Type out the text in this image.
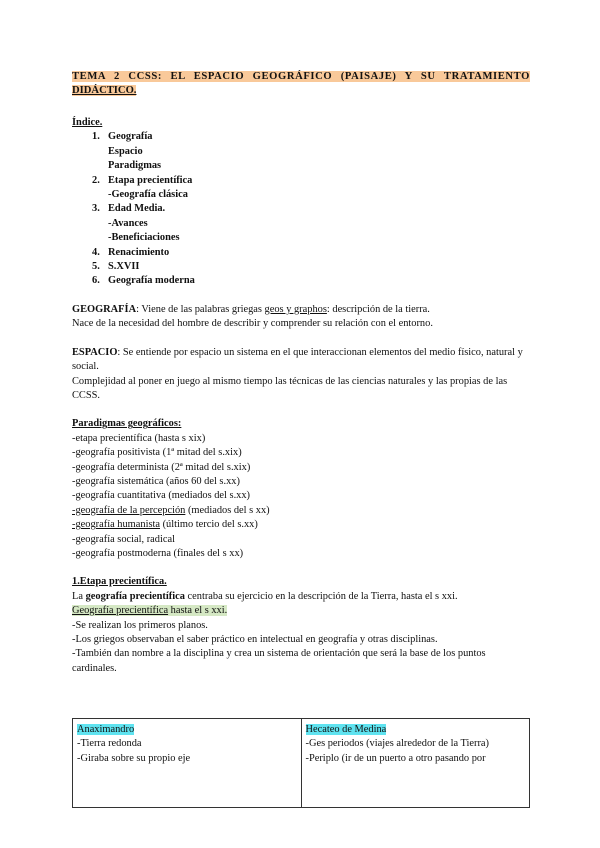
TEMA 2 CCSS: EL ESPACIO GEOGRÁFICO (PAISAJE) Y SU TRATAMIENTO
DIDÁCTICO.
Índice.
1. Geografía
Espacio
Paradigmas
2. Etapa precientífica
-Geografía clásica
3. Edad Media.
-Avances
-Beneficiaciones
4. Renacimiento
5. S.XVII
6. Geografía moderna

GEOGRAFÍA: Viene de las palabras griegas geos y graphos: descripción de la tierra.

Nace de la necesidad del hombre de describir y comprender su relación con el entorno.

ESPACIO: Se entiende por espacio un sistema en el que interaccionan elementos del medio físico, natural y social.

Complejidad al poner en juego al mismo tiempo las técnicas de las ciencias naturales y las propias de las CCSS.

Paradigmas geográficos:

-etapa precientífica (hasta s xix)

-geografía positivista (1ª mitad del s.xix)

-geografía determinista (2ª mitad del s.xix)

-geografía sistemática (años 60 del s.xx)

-geografía cuantitativa (mediados del s.xx)

-geografía de la percepción (mediados del s xx)

-geografía humanista (último tercio del s.xx)

-geografía social, radical

-geografía postmoderna (finales del s xx)

1.Etapa precientífica.

La geografía precientífica centraba su ejercicio en la descripción de la Tierra, hasta el s xxi.

Geografía precientífica hasta el s xxi.

-Se realizan los primeros planos.

-Los griegos observaban el saber práctico en intelectual en geografía y otras disciplinas.

-También dan nombre a la disciplina y crea un sistema de orientación que será la base de los puntos cardinales.

Anaximandro
-Tierra redonda
-Giraba sobre su propio eje
	Hecateo de Medina
-Ges periodos (viajes alrededor de la Tierra)
-Periplo (ir de un puerto a otro pasando por
